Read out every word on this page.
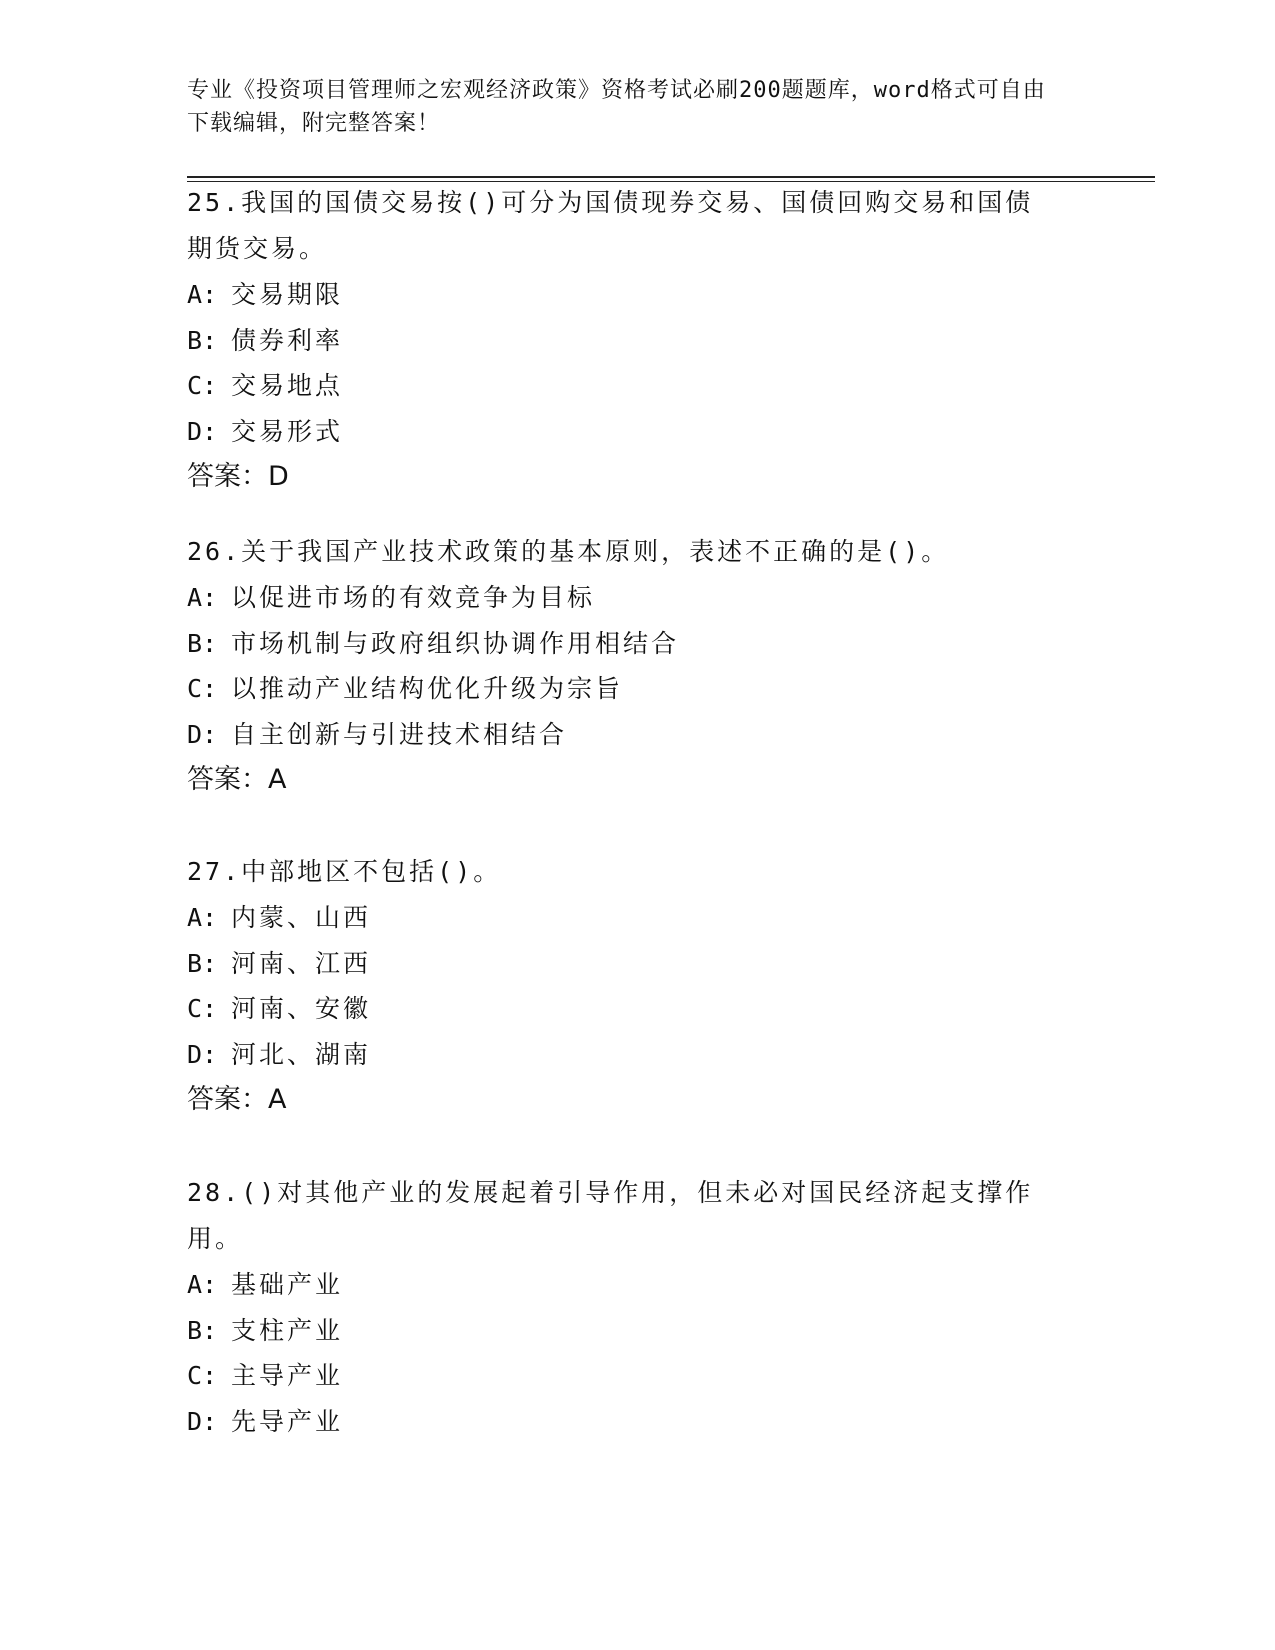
专业《投资项目管理师之宏观经济政策》资格考试必刷200题题库，word格式可自由下载编辑，附完整答案！

25.我国的国债交易按()可分为国债现券交易、国债回购交易和国债期货交易。

A: 交易期限

B: 债券利率

C: 交易地点

D: 交易形式

答案：D

26.关于我国产业技术政策的基本原则，表述不正确的是()。

A: 以促进市场的有效竞争为目标

B: 市场机制与政府组织协调作用相结合

C: 以推动产业结构优化升级为宗旨

D: 自主创新与引进技术相结合

答案：A

27.中部地区不包括()。

A: 内蒙、山西

B: 河南、江西

C: 河南、安徽

D: 河北、湖南

答案：A

28.()对其他产业的发展起着引导作用，但未必对国民经济起支撑作用。

A: 基础产业

B: 支柱产业

C: 主导产业

D: 先导产业
